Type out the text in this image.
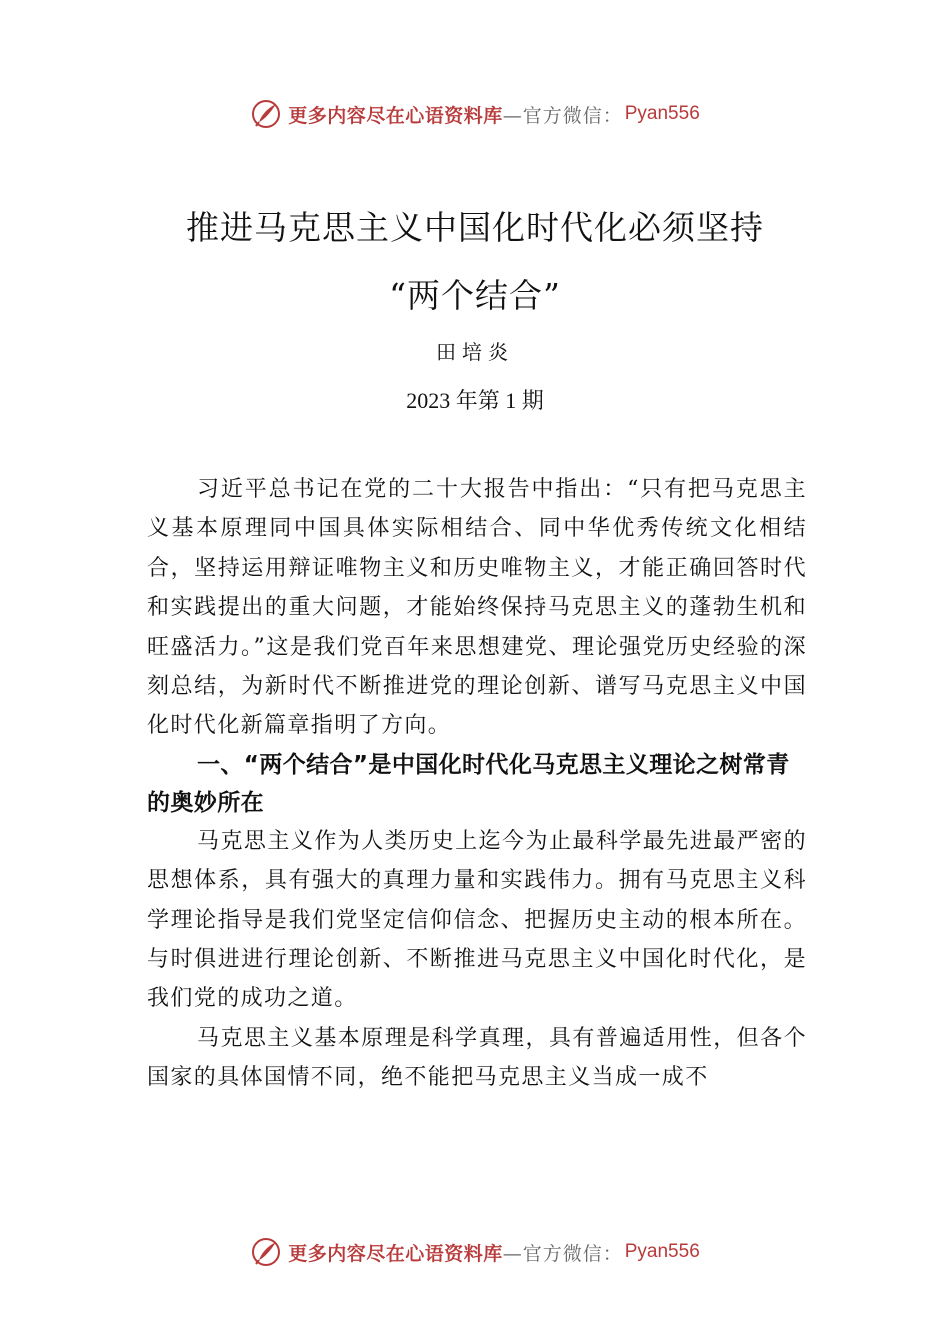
更多内容尽在心语资料库 —官方微信： Pyan556
推进马克思主义中国化时代化必须坚持
“两个结合”
田培炎
2023 年第 1 期

习近平总书记在党的二十大报告中指出：“只有把马克思主义基本原理同中国具体实际相结合、同中华优秀传统文化相结合，坚持运用辩证唯物主义和历史唯物主义，才能正确回答时代和实践提出的重大问题，才能始终保持马克思主义的蓬勃生机和旺盛活力。”这是我们党百年来思想建党、理论强党历史经验的深刻总结，为新时代不断推进党的理论创新、谱写马克思主义中国化时代化新篇章指明了方向。

一、“两个结合”是中国化时代化马克思主义理论之树常青的奥妙所在

马克思主义作为人类历史上迄今为止最科学最先进最严密的思想体系，具有强大的真理力量和实践伟力。拥有马克思主义科学理论指导是我们党坚定信仰信念、把握历史主动的根本所在。与时俱进进行理论创新、不断推进马克思主义中国化时代化，是我们党的成功之道。

马克思主义基本原理是科学真理，具有普遍适用性，但各个国家的具体国情不同，绝不能把马克思主义当成一成不

更多内容尽在心语资料库 —官方微信： Pyan556
